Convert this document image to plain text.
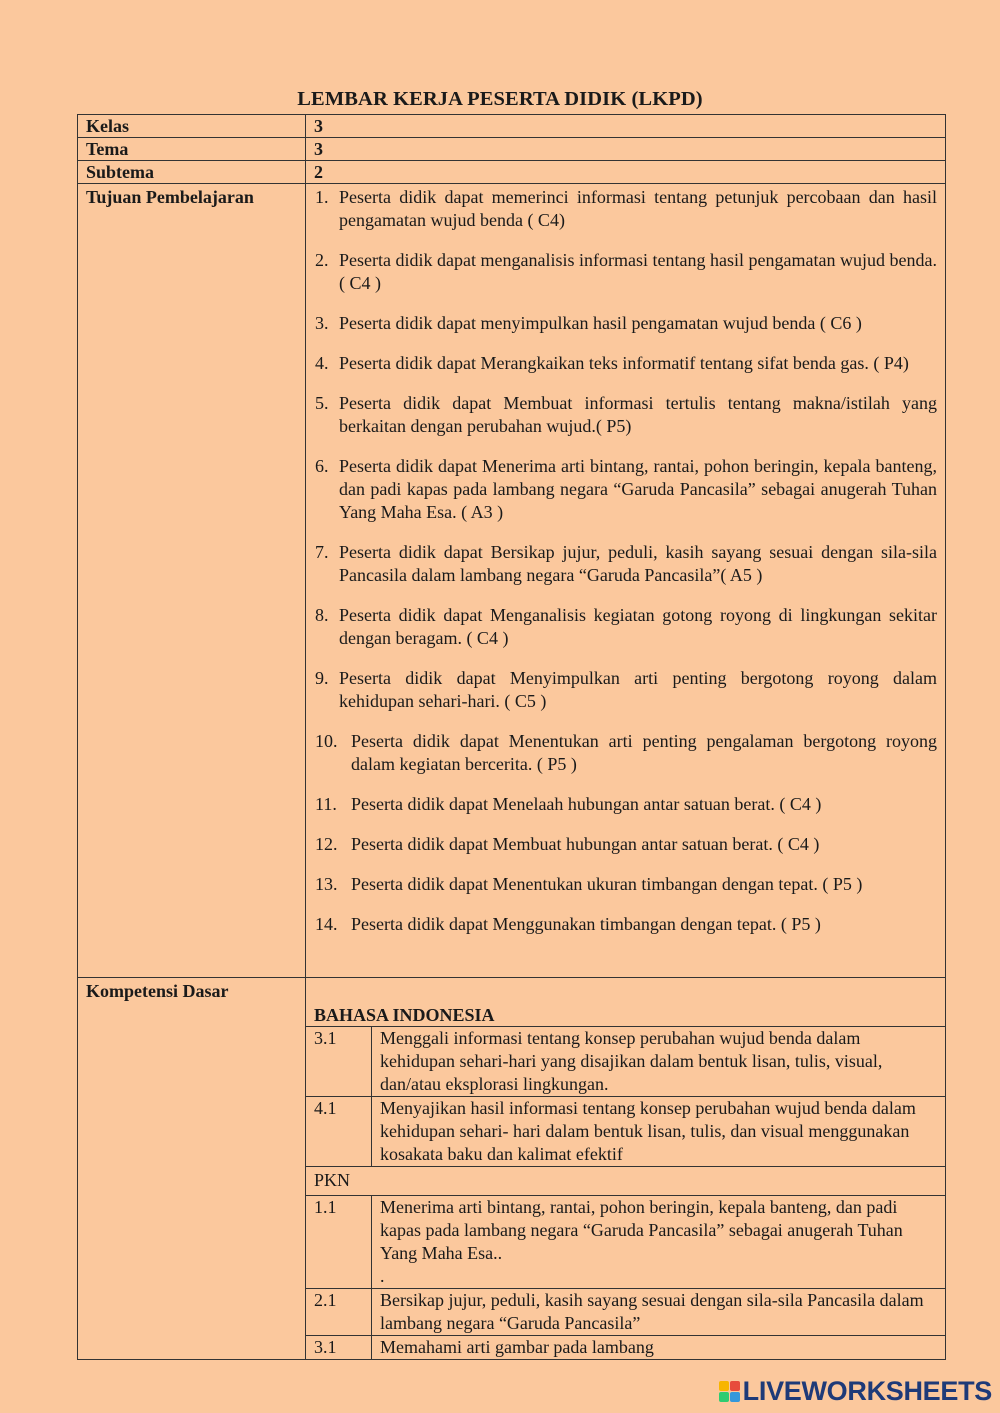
LEMBAR KERJA PESERTA DIDIK (LKPD)
Kelas	3
Tema	3
Subtema	2
Tujuan Pembelajaran	1. Peserta didik dapat memerinci informasi tentang petunjuk percobaan dan hasil pengamatan wujud benda ( C4)
2. Peserta didik dapat menganalisis informasi tentang hasil pengamatan wujud benda. ( C4 )
3. Peserta didik dapat menyimpulkan hasil pengamatan wujud benda ( C6 )
4. Peserta didik dapat Merangkaikan teks informatif tentang sifat benda gas. ( P4)
5. Peserta didik dapat Membuat informasi tertulis tentang makna/istilah yang berkaitan dengan perubahan wujud.( P5)
6. Peserta didik dapat Menerima arti bintang, rantai, pohon beringin, kepala banteng, dan padi kapas pada lambang negara “Garuda Pancasila” sebagai anugerah Tuhan Yang Maha Esa. ( A3 )
7. Peserta didik dapat Bersikap jujur, peduli, kasih sayang sesuai dengan sila-sila Pancasila dalam lambang negara “Garuda Pancasila”( A5 )
8. Peserta didik dapat Menganalisis kegiatan gotong royong di lingkungan sekitar dengan beragam. ( C4 )
9. Peserta didik dapat Menyimpulkan arti penting bergotong royong dalam kehidupan sehari-hari. ( C5 )
10. Peserta didik dapat Menentukan arti penting pengalaman bergotong royong dalam kegiatan bercerita. ( P5 )
11. Peserta didik dapat Menelaah hubungan antar satuan berat. ( C4 )
12. Peserta didik dapat Membuat hubungan antar satuan berat. ( C4 )
13. Peserta didik dapat Menentukan ukuran timbangan dengan tepat. ( P5 )
14. Peserta didik dapat Menggunakan timbangan dengan tepat. ( P5 )

Kompetensi Dasar	
BAHASA INDONESIA
3.1	Menggali informasi tentang konsep perubahan wujud benda dalam kehidupan sehari-hari yang disajikan dalam bentuk lisan, tulis, visual, dan/atau eksplorasi lingkungan.
4.1	Menyajikan hasil informasi tentang konsep perubahan wujud benda dalam kehidupan sehari- hari dalam bentuk lisan, tulis, dan visual menggunakan kosakata baku dan kalimat efektif
PKN
1.1	Menerima arti bintang, rantai, pohon beringin, kepala banteng, dan padi kapas pada lambang negara “Garuda Pancasila” sebagai anugerah Tuhan Yang Maha Esa..
.

2.1	Bersikap jujur, peduli, kasih sayang sesuai dengan sila-sila Pancasila dalam lambang negara “Garuda Pancasila”
3.1	Memahami arti gambar pada lambang
LIVEWORKSHEETS
